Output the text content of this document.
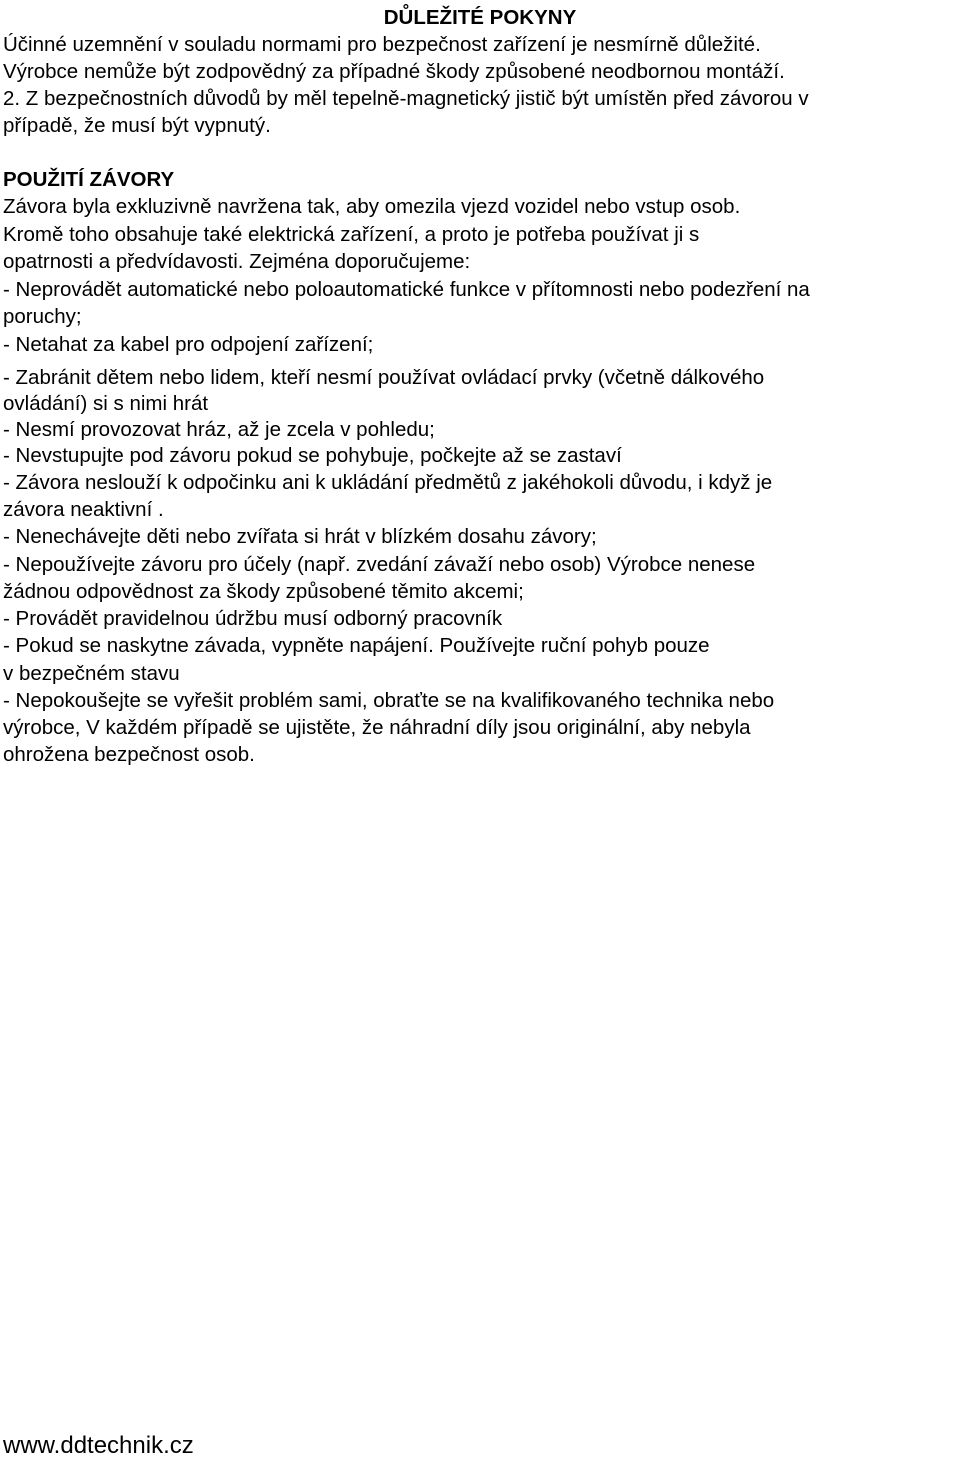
DŮLEŽITÉ POKYNY
Účinné uzemnění v souladu normami pro bezpečnost zařízení je nesmírně důležité.
Výrobce nemůže být zodpovědný za případné škody způsobené neodbornou montáží.
2. Z bezpečnostních důvodů by měl tepelně-magnetický jistič být umístěn před závorou v
případě, že musí být vypnutý.
POUŽITÍ ZÁVORY
Závora byla exkluzivně navržena tak, aby omezila vjezd vozidel nebo vstup osob.
Kromě toho obsahuje také elektrická zařízení, a proto je potřeba používat ji s
opatrnosti a předvídavosti. Zejména doporučujeme:
- Neprovádět automatické nebo poloautomatické funkce v přítomnosti nebo podezření na
poruchy;
- Netahat za kabel pro odpojení zařízení;
- Zabránit dětem nebo lidem, kteří nesmí používat ovládací prvky (včetně dálkového
ovládání) si s nimi hrát
- Nesmí provozovat hráz, až je zcela v pohledu;
- Nevstupujte pod závoru pokud se pohybuje, počkejte až se zastaví
- Závora neslouží k odpočinku ani k ukládání předmětů z jakéhokoli důvodu, i když je
závora neaktivní .
- Nenechávejte děti nebo zvířata si hrát v blízkém dosahu závory;
- Nepoužívejte závoru pro účely (např. zvedání závaží nebo osob) Výrobce nenese
žádnou odpovědnost za škody způsobené těmito akcemi;
- Provádět pravidelnou údržbu musí odborný pracovník
- Pokud se naskytne závada, vypněte napájení. Používejte ruční pohyb pouze
v bezpečném stavu
- Nepokoušejte se vyřešit problém sami, obraťte se na kvalifikovaného technika nebo
výrobce, V každém případě se ujistěte, že náhradní díly jsou originální, aby nebyla
ohrožena bezpečnost osob.
www.ddtechnik.cz
